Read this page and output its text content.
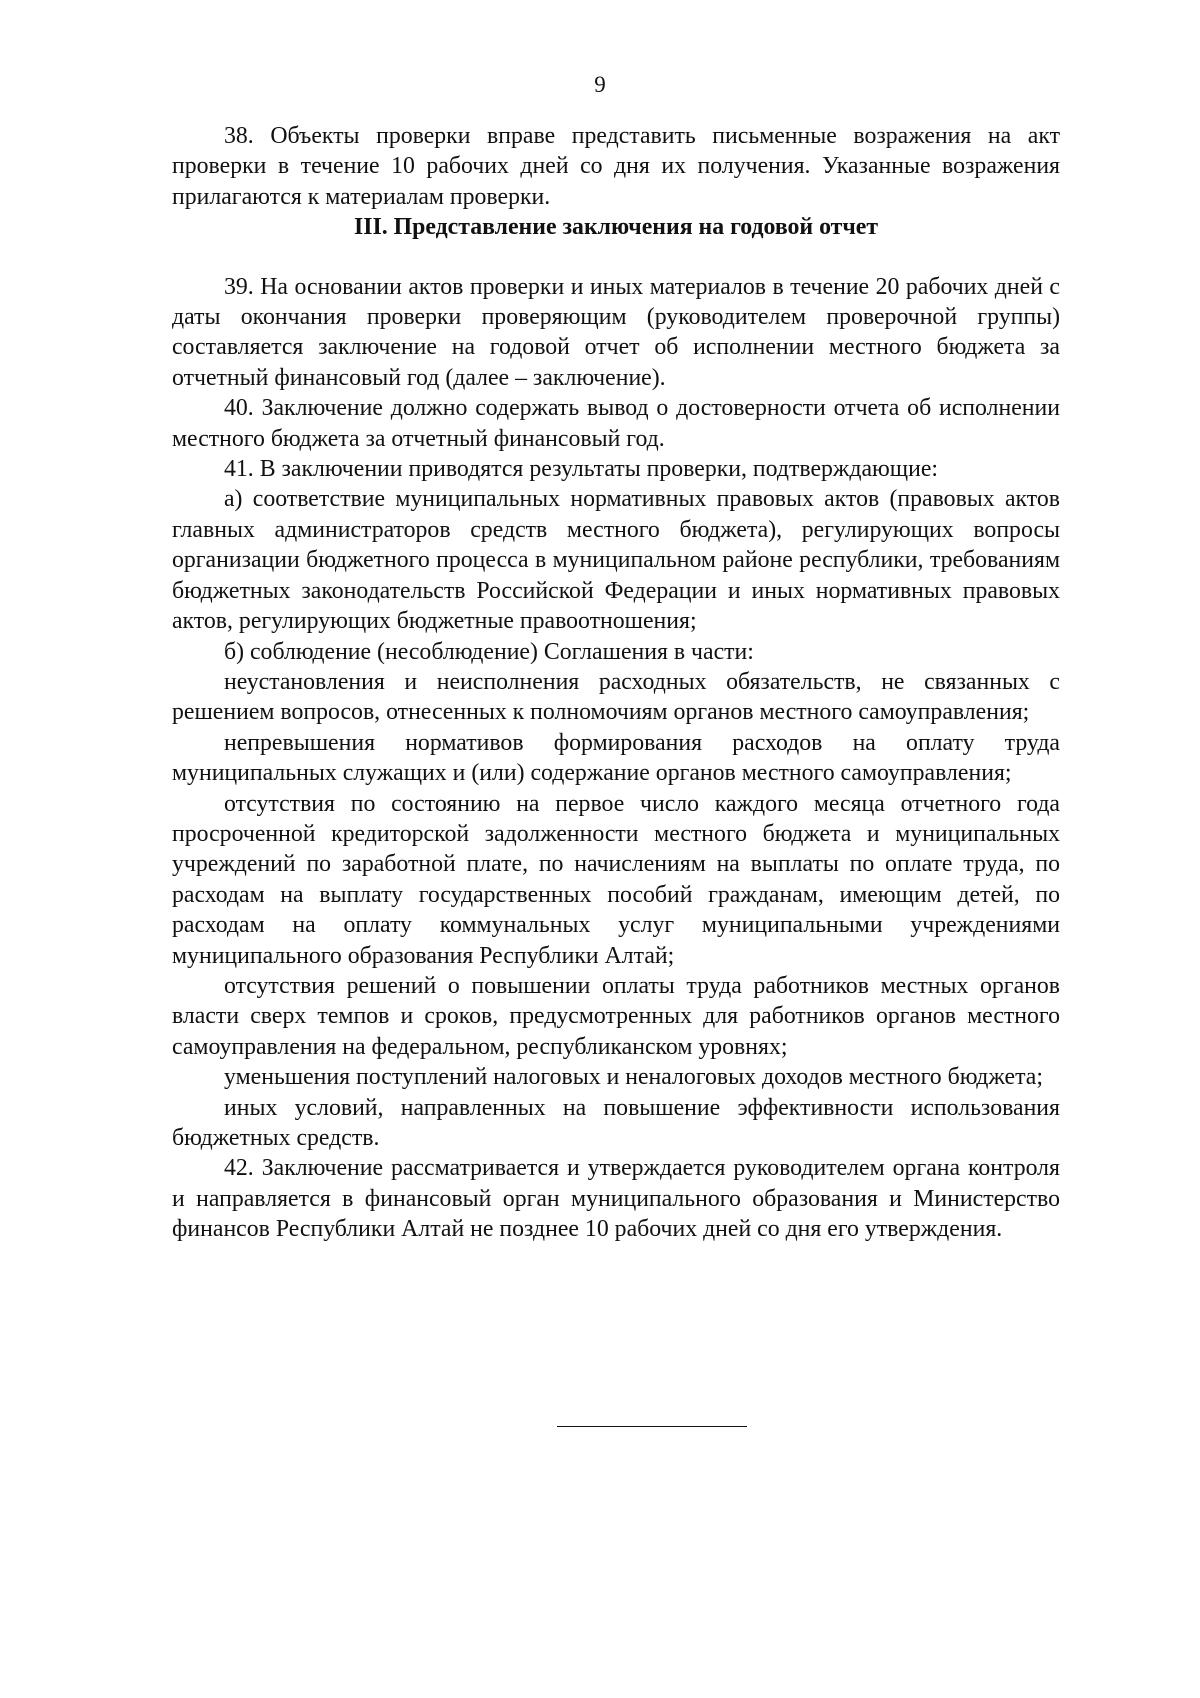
9

38. Объекты проверки вправе представить письменные возражения на акт проверки в течение 10 рабочих дней со дня их получения. Указанные возражения прилагаются к материалам проверки.

III. Представление заключения на годовой отчет

39. На основании актов проверки и иных материалов в течение 20 рабочих дней с даты окончания проверки проверяющим (руководителем проверочной группы) составляется заключение на годовой отчет об исполнении местного бюджета за отчетный финансовый год (далее – заключение).

40. Заключение должно содержать вывод о достоверности отчета об исполнении местного бюджета за отчетный финансовый год.

41. В заключении приводятся результаты проверки, подтверждающие:

а) соответствие муниципальных нормативных правовых актов (правовых актов главных администраторов средств местного бюджета), регулирующих вопросы организации бюджетного процесса в муниципальном районе республики, требованиям бюджетных законодательств Российской Федерации и иных нормативных правовых актов, регулирующих бюджетные правоотношения;

б) соблюдение (несоблюдение) Соглашения в части:

неустановления и неисполнения расходных обязательств, не связанных с решением вопросов, отнесенных к полномочиям органов местного самоуправления;

непревышения нормативов формирования расходов на оплату труда муниципальных служащих и (или) содержание органов местного самоуправления;

отсутствия по состоянию на первое число каждого месяца отчетного года просроченной кредиторской задолженности местного бюджета и муниципальных учреждений по заработной плате, по начислениям на выплаты по оплате труда, по расходам на выплату государственных пособий гражданам, имеющим детей, по расходам на оплату коммунальных услуг муниципальными учреждениями муниципального образования Республики Алтай;

отсутствия решений о повышении оплаты труда работников местных органов власти сверх темпов и сроков, предусмотренных для работников органов местного самоуправления на федеральном, республиканском уровнях;

уменьшения поступлений налоговых и неналоговых доходов местного бюджета;

иных условий, направленных на повышение эффективности использования бюджетных средств.

42. Заключение рассматривается и утверждается руководителем органа контроля и направляется в финансовый орган муниципального образования и Министерство финансов Республики Алтай не позднее 10 рабочих дней со дня его утверждения.
